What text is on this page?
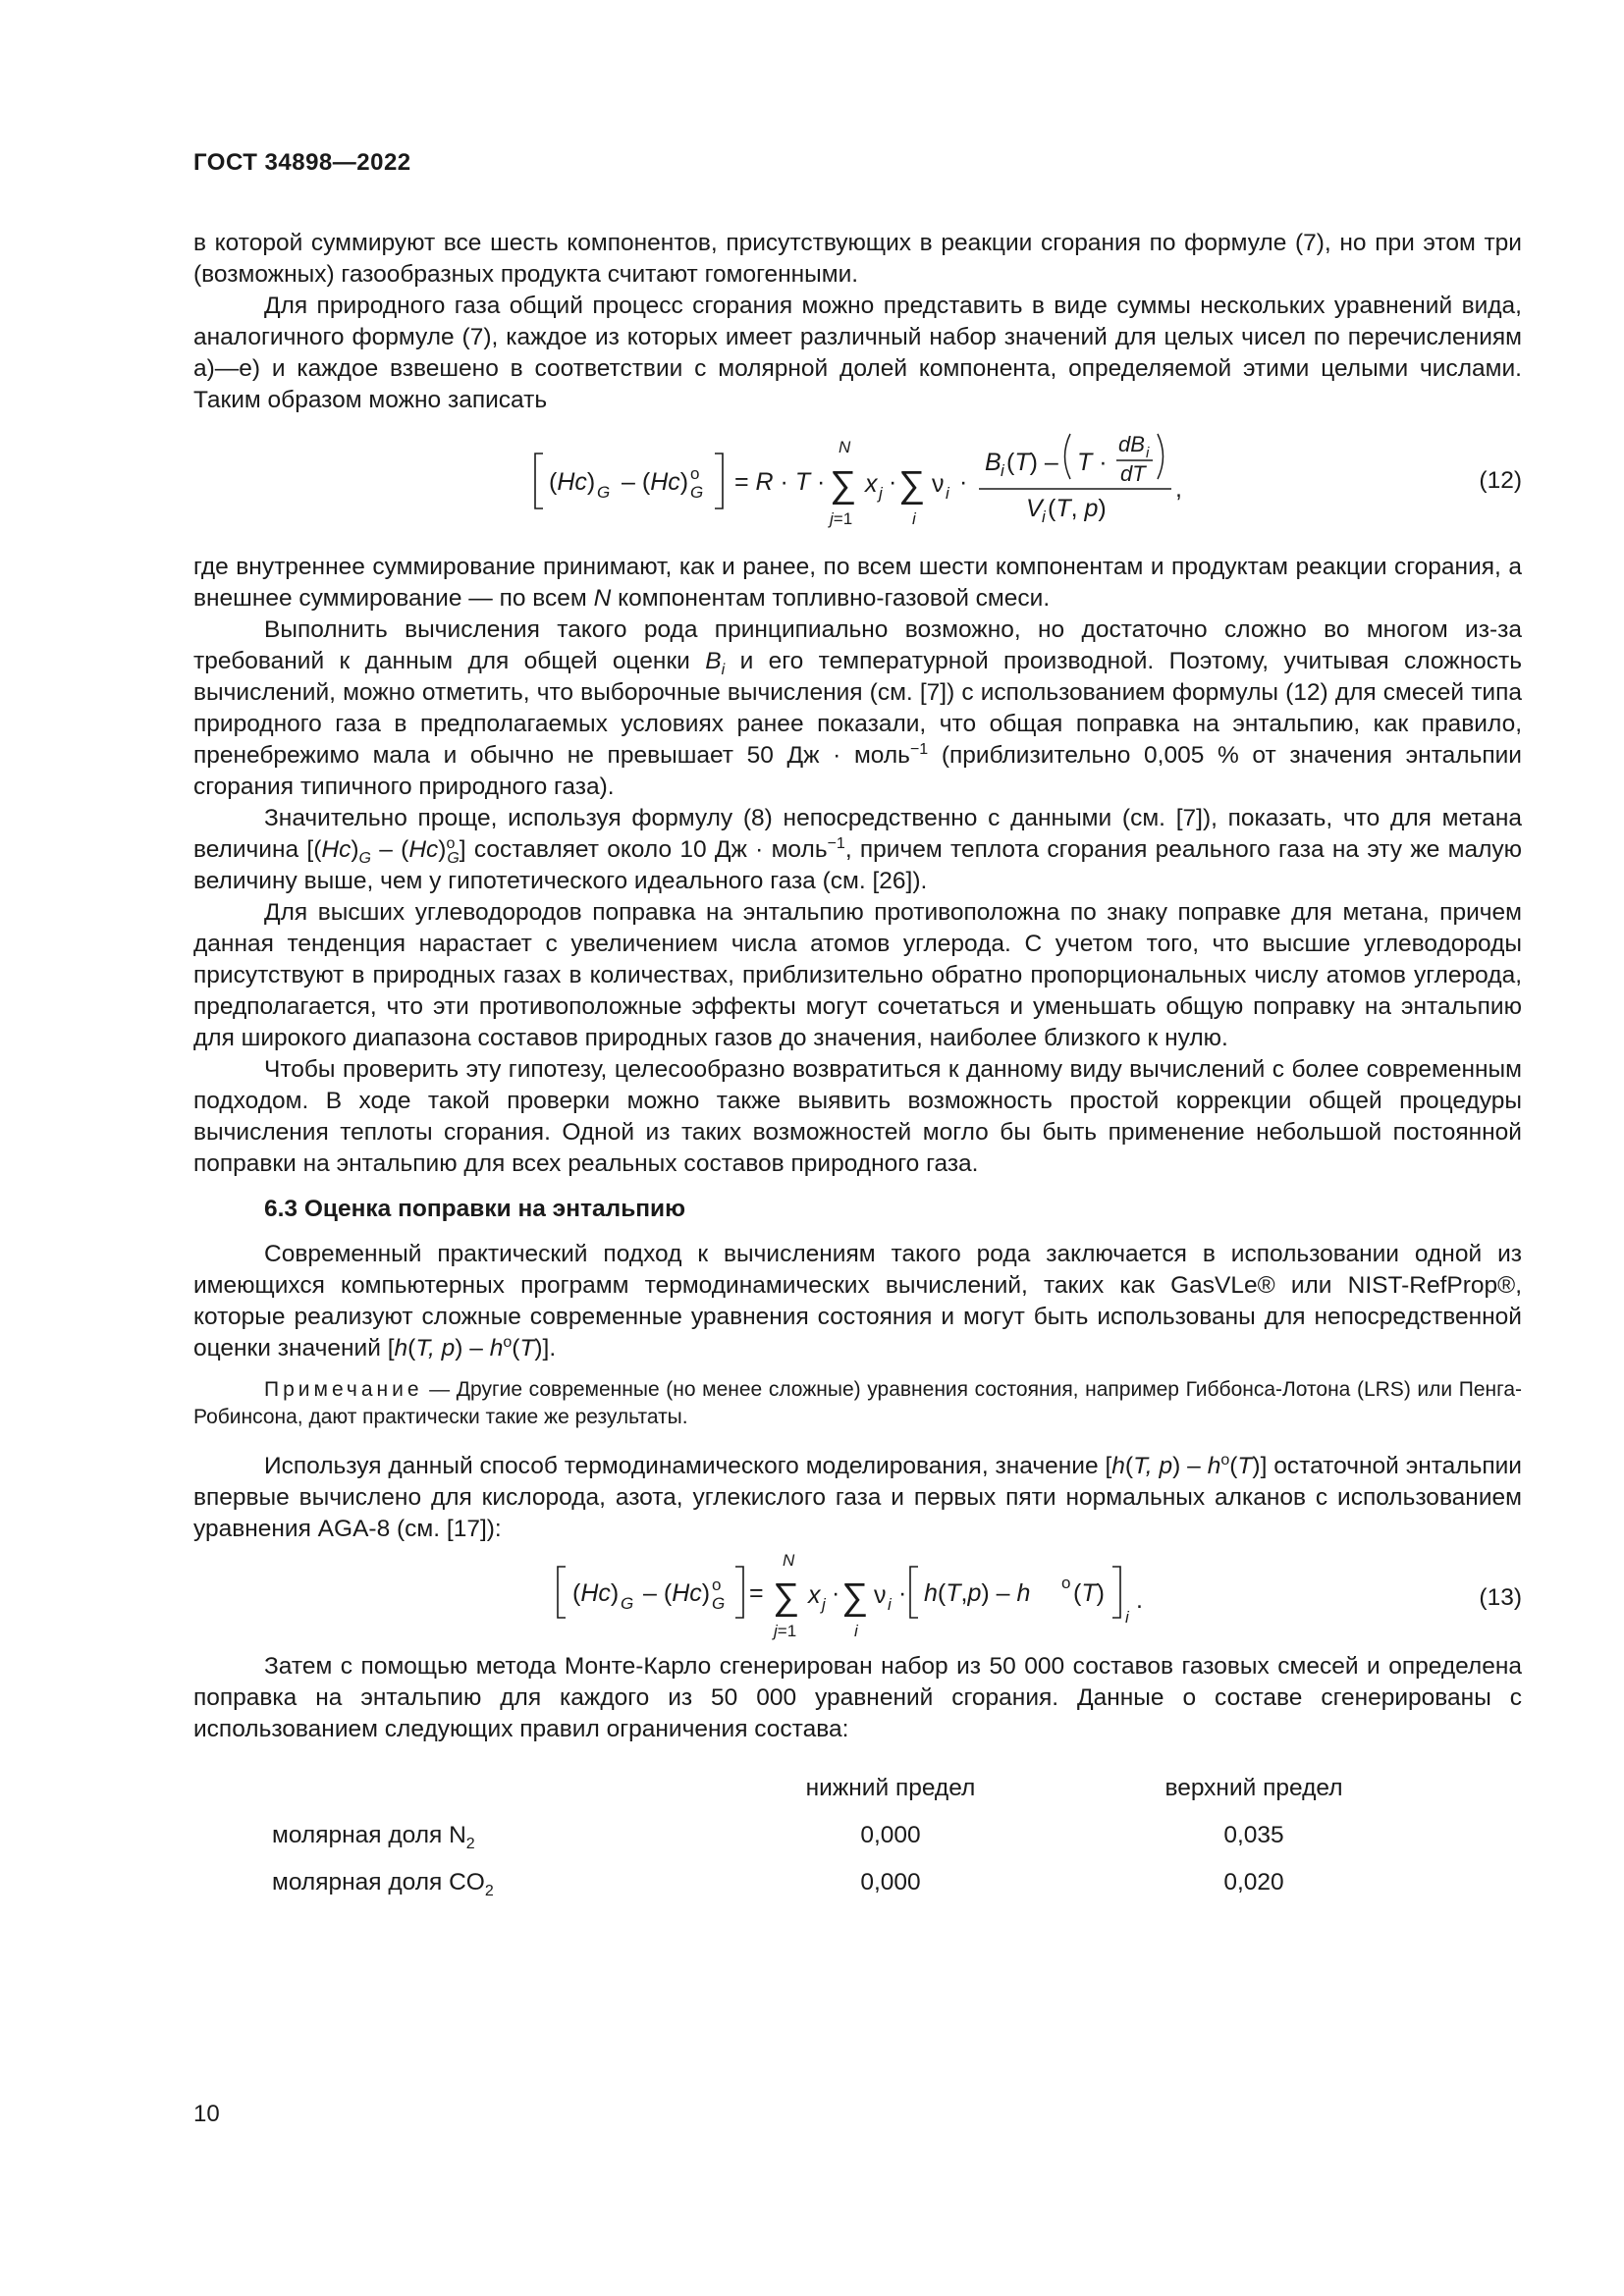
ГОСТ 34898—2022

в которой суммируют все шесть компонентов, присутствующих в реакции сгорания по формуле (7), но при этом три (возможных) газообразных продукта считают гомогенными.

Для природного газа общий процесс сгорания можно представить в виде суммы нескольких уравнений вида, аналогичного формуле (7), каждое из которых имеет различный набор значений для целых чисел по перечислениям а)—е) и каждое взвешено в соответствии с молярной долей компонента, определяемой этими целыми числами. Таким образом можно записать

(Hc) G – (Hc) o
G = R · T ·
N
∑
j=1
x j · ∑
i
ν i ·
B i (T) – T ·
dB i
dT
V i (T, p)
,	(12)

где внутреннее суммирование принимают, как и ранее, по всем шести компонентам и продуктам реакции сгорания, а внешнее суммирование — по всем N компонентам топливно-газовой смеси.

Выполнить вычисления такого рода принципиально возможно, но достаточно сложно во многом из-за требований к данным для общей оценки $B_i$ и его температурной производной. Поэтому, учитывая сложность вычислений, можно отметить, что выборочные вычисления (см. [7]) с использованием формулы (12) для смесей типа природного газа в предполагаемых условиях ранее показали, что общая поправка на энтальпию, как правило, пренебрежимо мала и обычно не превышает 50 Дж · моль$^{-1}$ (приблизительно 0,005 % от значения энтальпии сгорания типичного природного газа).

Значительно проще, используя формулу (8) непосредственно с данными (см. [7]), показать, что для метана величина $[(Hc)_G - (Hc)^o_G]$ составляет около 10 Дж · моль$^{-1}$, причем теплота сгорания реального газа на эту же малую величину выше, чем у гипотетического идеального газа (см. [26]).

Для высших углеводородов поправка на энтальпию противоположна по знаку поправке для метана, причем данная тенденция нарастает с увеличением числа атомов углерода. С учетом того, что высшие углеводороды присутствуют в природных газах в количествах, приблизительно обратно пропорциональных числу атомов углерода, предполагается, что эти противоположные эффекты могут сочетаться и уменьшать общую поправку на энтальпию для широкого диапазона составов природных газов до значения, наиболее близкого к нулю.

Чтобы проверить эту гипотезу, целесообразно возвратиться к данному виду вычислений с более современным подходом. В ходе такой проверки можно также выявить возможность простой коррекции общей процедуры вычисления теплоты сгорания. Одной из таких возможностей могло бы быть применение небольшой постоянной поправки на энтальпию для всех реальных составов природного газа.

6.3 Оценка поправки на энтальпию

Современный практический подход к вычислениям такого рода заключается в использовании одной из имеющихся компьютерных программ термодинамических вычислений, таких как GasVLe® или NIST-RefProp®, которые реализуют сложные современные уравнения состояния и могут быть использованы для непосредственной оценки значений [h(T, $p) - h^o(T)$].

Примечание — Другие современные (но менее сложные) уравнения состояния, например Гиббонса-Лотона (LRS) или Пенга-Робинсона, дают практически такие же результаты.

Используя данный способ термодинамического моделирования, значение [h(T, $p) - h^o(T)$] остаточной энтальпии впервые вычислено для кислорода, азота, углекислого газа и первых пяти нормальных алканов с использованием уравнения AGA-8 (см. [17]):

(Hc) G – (Hc) o
G =
N
∑
j=1
x j · ∑
i
ν i · h(T,p) – h o (T)
i
.	(13)

Затем с помощью метода Монте-Карло сгенерирован набор из 50 000 составов газовых смесей и определена поправка на энтальпию для каждого из 50 000 уравнений сгорания. Данные о составе сгенерированы с использованием следующих правил ограничения состава:

нижний предел	верхний предел
молярная доля $N_2$	0,000	0,035
молярная доля $CO_2$	0,000	0,020
10
